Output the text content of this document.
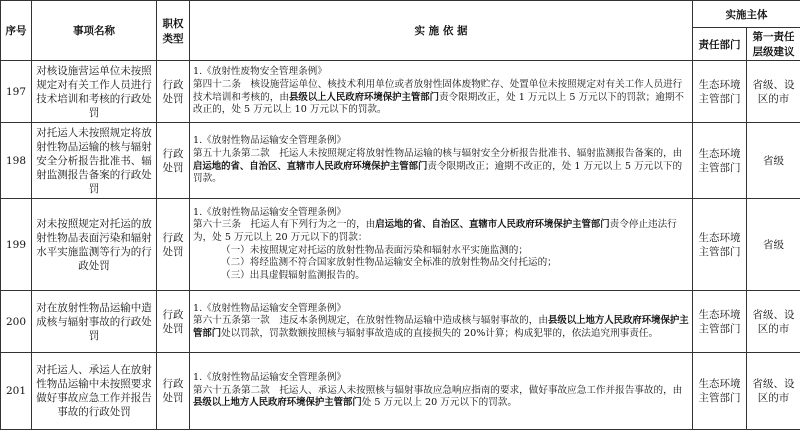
序号	事项名称	职权类型	实 施 依 据	实施主体	
				责任部门	第一责任层级建议
197	对核设施营运单位未按照规定对有关工作人员进行技术培训和考核的行政处罚	行政处罚	1.《放射性废物安全管理条例》
第四十二条　核设施营运单位、核技术利用单位或者放射性固体废物贮存、处置单位未按照规定对有关工作人员进行技术培训和考核的，由县级以上人民政府环境保护主管部门责令限期改正，处 1 万元以上 5 万元以下的罚款；逾期不改正的，处 5 万元以上 10 万元以下的罚款。	生态环境主管部门	省级、设区的市
198	对托运人未按照规定将放射性物品运输的核与辐射安全分析报告批准书、辐射监测报告备案的行政处罚	行政处罚	1.《放射性物品运输安全管理条例》
第五十九条第二款　托运人未按照规定将放射性物品运输的核与辐射安全分析报告批准书、辐射监测报告备案的，由启运地的省、自治区、直辖市人民政府环境保护主管部门责令限期改正；逾期不改正的，处 1 万元以上 5 万元以下的罚款。	生态环境主管部门	省级
199	对未按照规定对托运的放射性物品表面污染和辐射水平实施监测等行为的行政处罚	行政处罚	1.《放射性物品运输安全管理条例》
第六十三条　托运人有下列行为之一的，由启运地的省、自治区、直辖市人民政府环境保护主管部门责令停止违法行为，处 5 万元以上 20 万元以下的罚款：
（一）未按照规定对托运的放射性物品表面污染和辐射水平实施监测的；
（二）将经监测不符合国家放射性物品运输安全标准的放射性物品交付托运的；
（三）出具虚假辐射监测报告的。	生态环境主管部门	省级
200	对在放射性物品运输中造成核与辐射事故的行政处罚	行政处罚	1.《放射性物品运输安全管理条例》
第六十五条第一款　违反本条例规定，在放射性物品运输中造成核与辐射事故的，由县级以上地方人民政府环境保护主管部门处以罚款，罚款数额按照核与辐射事故造成的直接损失的 20%计算；构成犯罪的，依法追究刑事责任。	生态环境主管部门	省级、设区的市
201	对托运人、承运人在放射性物品运输中未按照要求做好事故应急工作并报告事故的行政处罚	行政处罚	1.《放射性物品运输安全管理条例》
第六十五条第二款　托运人、承运人未按照核与辐射事故应急响应指南的要求，做好事故应急工作并报告事故的，由县级以上地方人民政府环境保护主管部门处 5 万元以上 20 万元以下的罚款。	生态环境主管部门	省级、设区的市
